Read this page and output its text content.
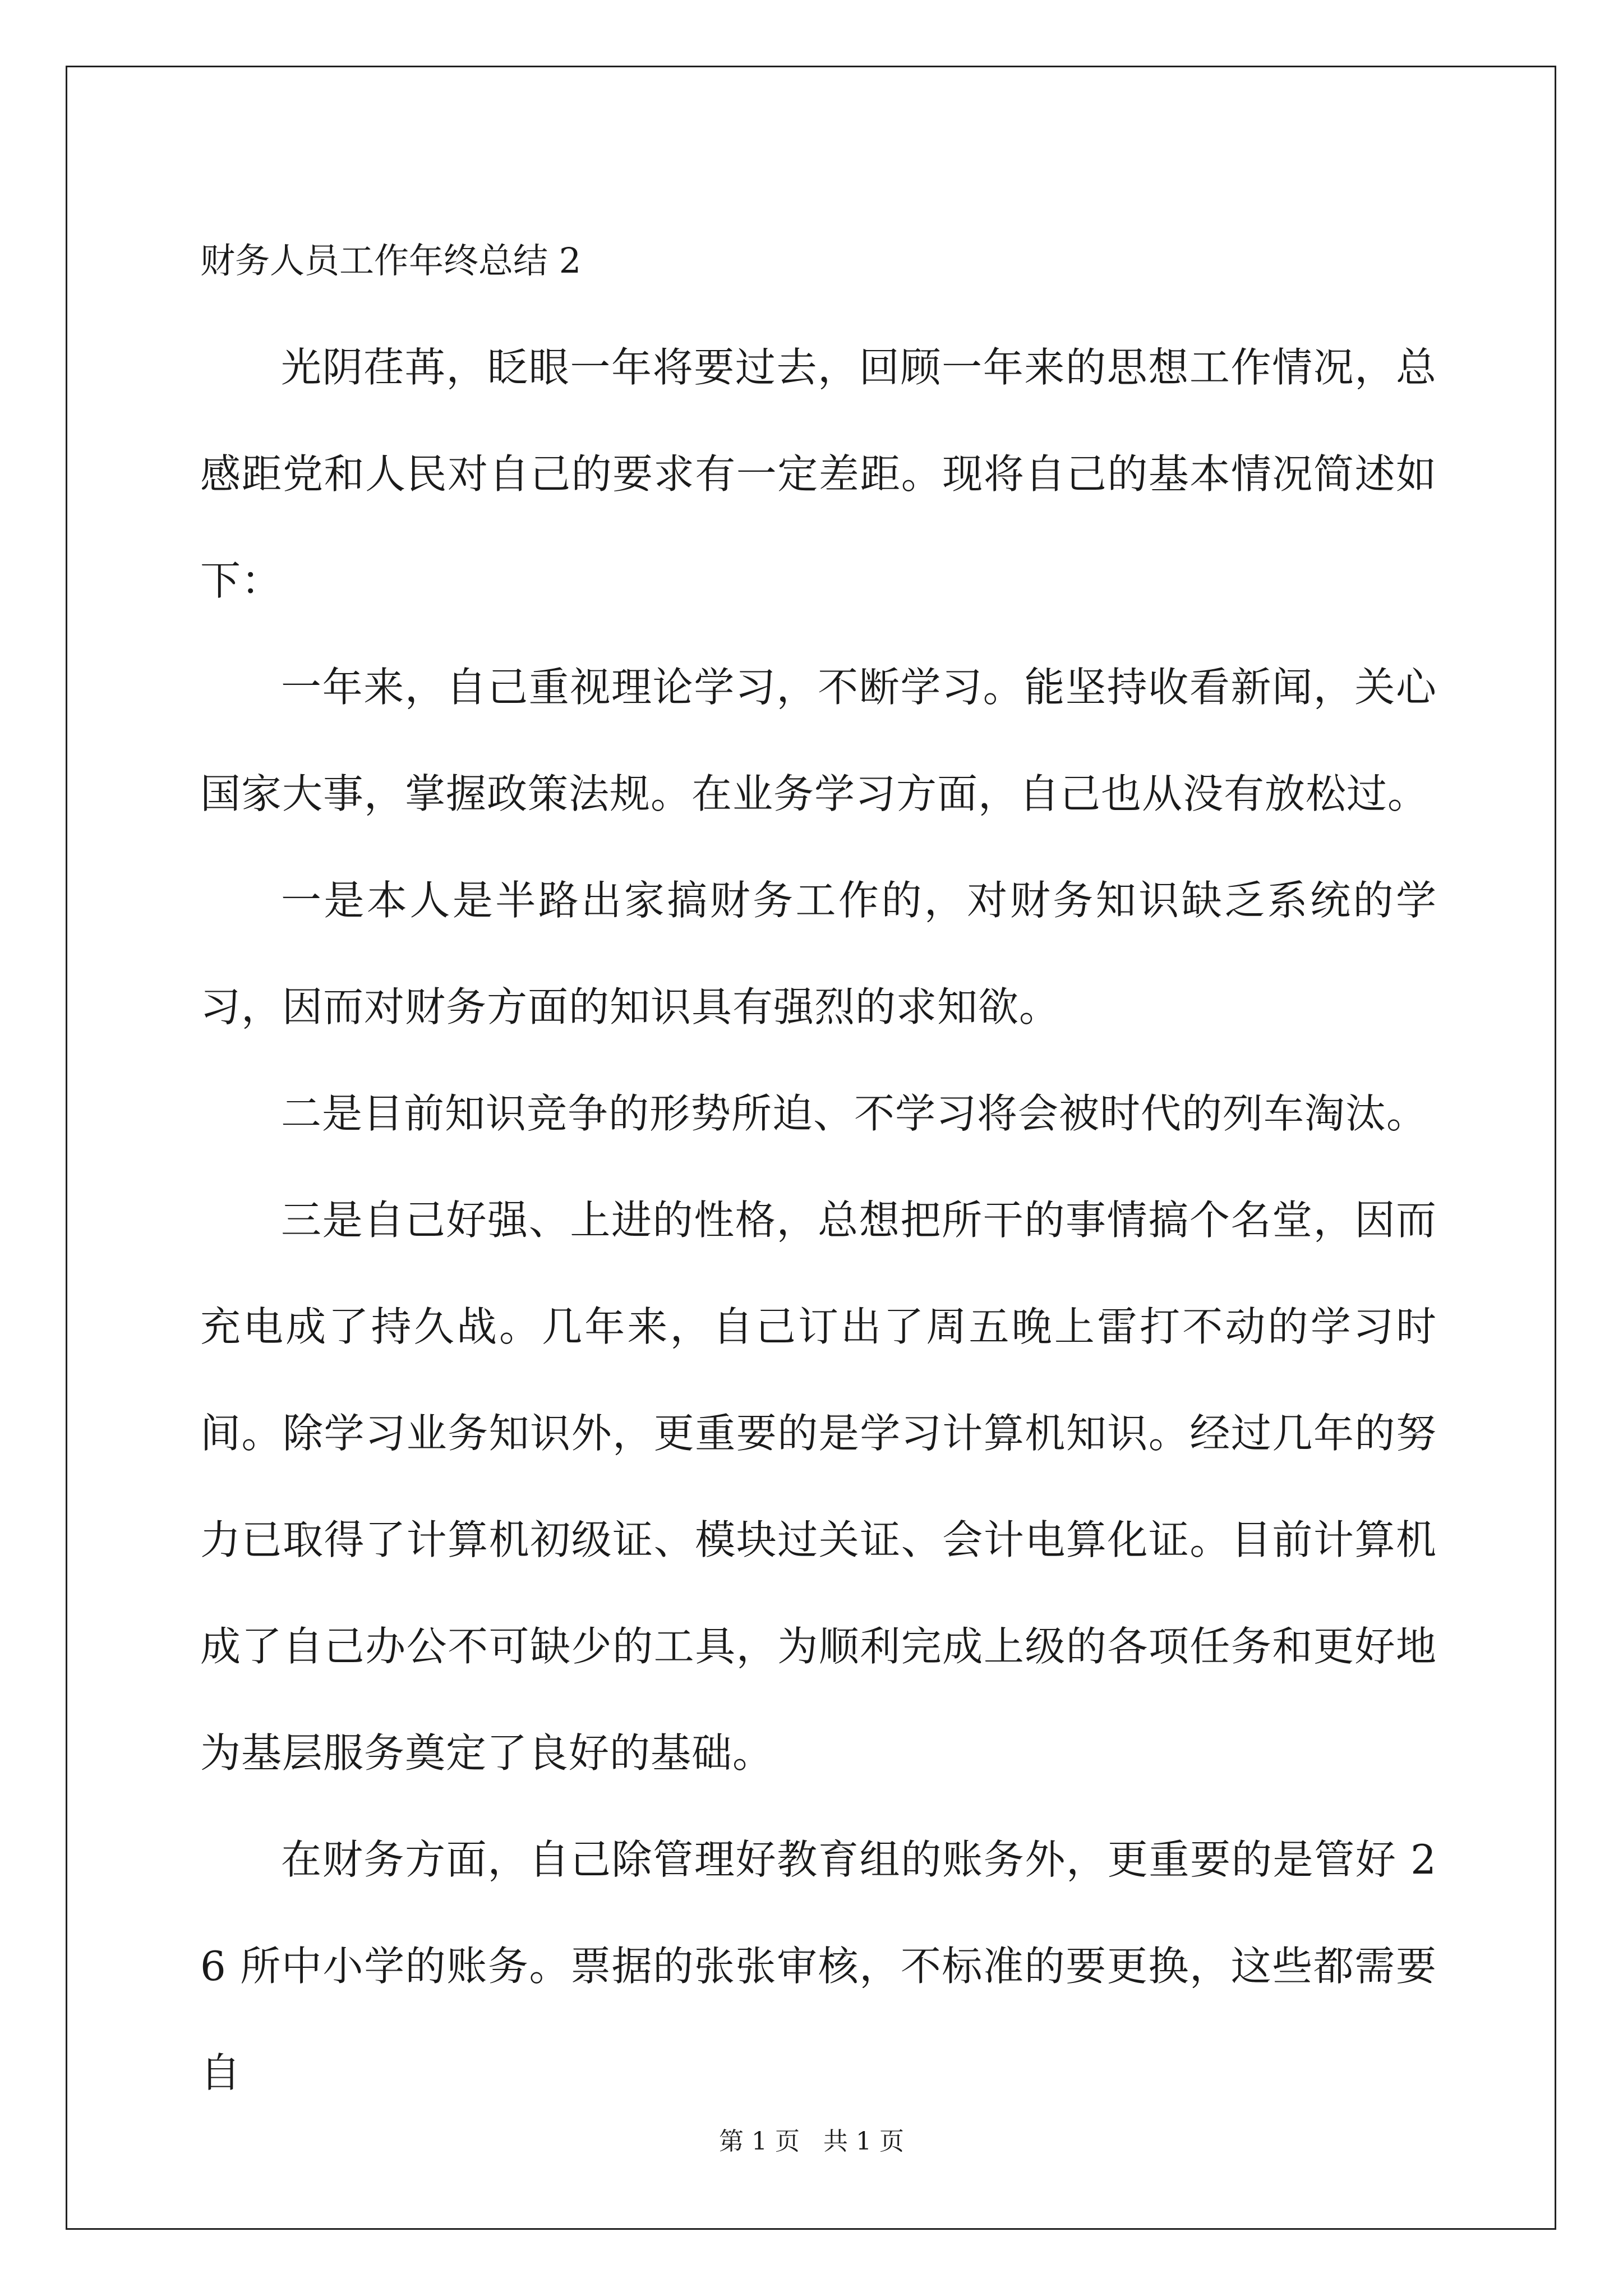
财务人员工作年终总结 2

光阴荏苒，眨眼一年将要过去，回顾一年来的思想工作情况，总感距党和人民对自己的要求有一定差距。现将自己的基本情况简述如下：

一年来，自己重视理论学习，不断学习。能坚持收看新闻，关心国家大事，掌握政策法规。在业务学习方面，自己也从没有放松过。

一是本人是半路出家搞财务工作的，对财务知识缺乏系统的学习，因而对财务方面的知识具有强烈的求知欲。

二是目前知识竞争的形势所迫、不学习将会被时代的列车淘汰。

三是自己好强、上进的性格，总想把所干的事情搞个名堂，因而充电成了持久战。几年来，自己订出了周五晚上雷打不动的学习时间。除学习业务知识外，更重要的是学习计算机知识。经过几年的努力已取得了计算机初级证、模块过关证、会计电算化证。目前计算机成了自己办公不可缺少的工具，为顺利完成上级的各项任务和更好地为基层服务奠定了良好的基础。

在财务方面，自己除管理好教育组的账务外，更重要的是管好 26 所中小学的账务。票据的张张审核，不标准的要更换，这些都需要自

第 1 页   共 1 页
